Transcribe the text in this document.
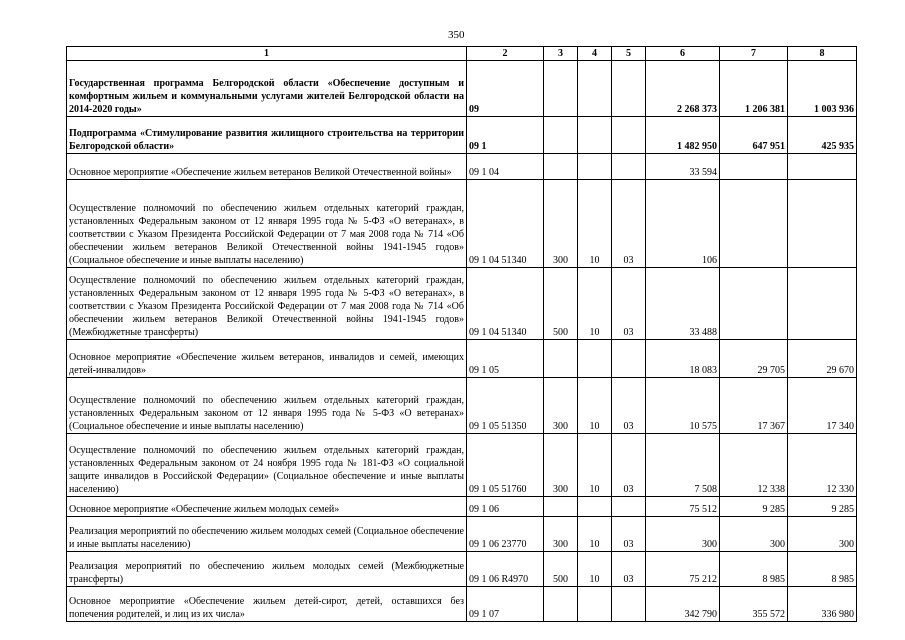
350
1	2	3	4	5	6	7	8
Государственная программа Белгородской области «Обеспечение доступным и комфортным жильем и коммунальными услугами жителей Белгородской области на 2014-2020 годы»	09				2 268 373	1 206 381	1 003 936
Подпрограмма «Стимулирование развития жилищного строительства на территории Белгородской области»	09 1				1 482 950	647 951	425 935
Основное мероприятие «Обеспечение жильем ветеранов Великой Отечественной войны»	09 1 04				33 594		
Осуществление полномочий по обеспечению жильем отдельных категорий граждан, установленных Федеральным законом от 12 января 1995 года № 5-ФЗ «О ветеранах», в соответствии с Указом Президента Российской Федерации от 7 мая 2008 года № 714 «Об обеспечении жильем ветеранов Великой Отечественной войны 1941-1945 годов» (Социальное обеспечение и иные выплаты населению)	09 1 04 51340	300	10	03	106		
Осуществление полномочий по обеспечению жильем отдельных категорий граждан, установленных Федеральным законом от 12 января 1995 года № 5-ФЗ «О ветеранах», в соответствии с Указом Президента Российской Федерации от 7 мая 2008 года № 714 «Об обеспечении жильем ветеранов Великой Отечественной войны 1941-1945 годов» (Межбюджетные трансферты)	09 1 04 51340	500	10	03	33 488		
Основное мероприятие «Обеспечение жильем ветеранов, инвалидов и семей, имеющих детей-инвалидов»	09 1 05				18 083	29 705	29 670
Осуществление полномочий по обеспечению жильем отдельных категорий граждан, установленных Федеральным законом от 12 января 1995 года № 5-ФЗ «О ветеранах» (Социальное обеспечение и иные выплаты населению)	09 1 05 51350	300	10	03	10 575	17 367	17 340
Осуществление полномочий по обеспечению жильем отдельных категорий граждан, установленных Федеральным законом от 24 ноября 1995 года № 181-ФЗ «О социальной защите инвалидов в Российской Федерации» (Социальное обеспечение и иные выплаты населению)	09 1 05 51760	300	10	03	7 508	12 338	12 330
Основное мероприятие «Обеспечение жильем молодых семей»	09 1 06				75 512	9 285	9 285
Реализация мероприятий по обеспечению жильем молодых семей (Социальное обеспечение и иные выплаты населению)	09 1 06 23770	300	10	03	300	300	300
Реализация мероприятий по обеспечению жильем молодых семей (Межбюджетные трансферты)	09 1 06 R4970	500	10	03	75 212	8 985	8 985
Основное мероприятие «Обеспечение жильем детей-сирот, детей, оставшихся без попечения родителей, и лиц из их числа»	09 1 07				342 790	355 572	336 980
